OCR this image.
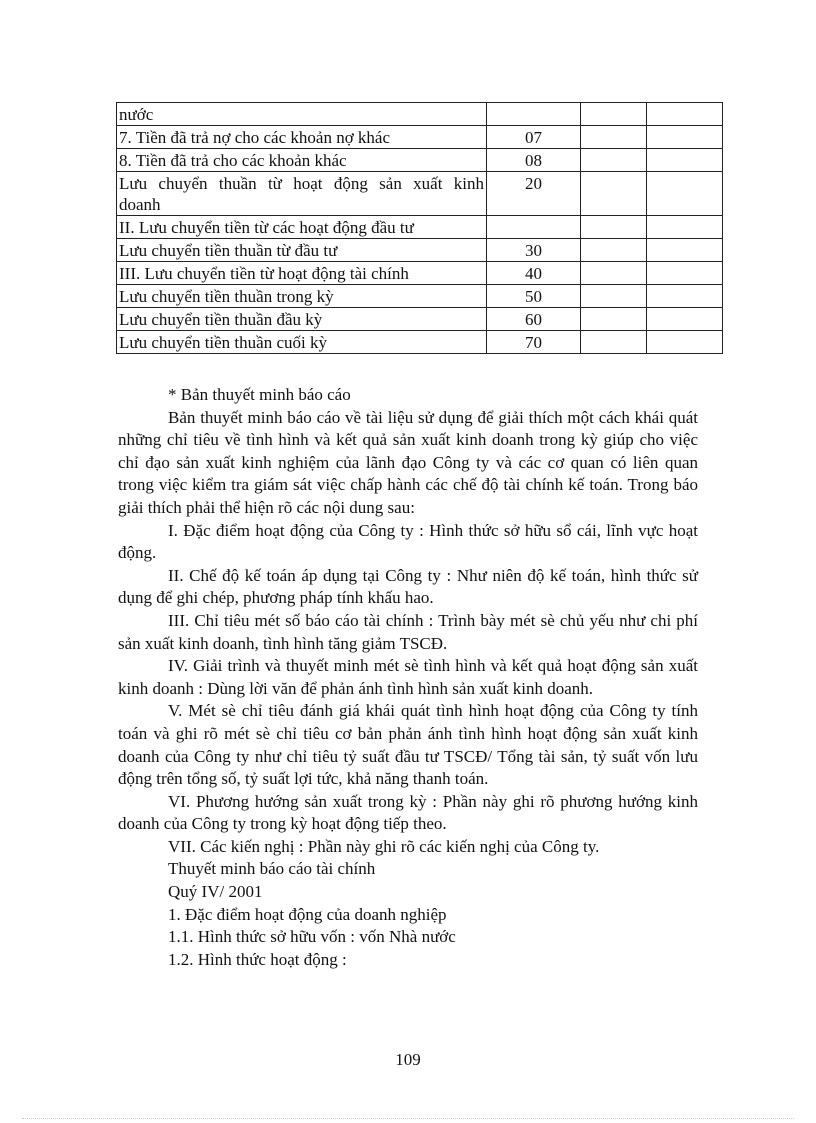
nước			
7. Tiền đã trả nợ cho các khoản nợ khác	07		
8. Tiền đã trả cho các khoản khác	08		

Lưu chuyển thuần từ hoạt động sản xuất kinh
doanh	20		
II. Lưu chuyển tiền từ các hoạt động đầu tư			
Lưu chuyển tiền thuần từ đầu tư	30		
III. Lưu chuyển tiền từ hoạt động tài chính	40		
Lưu chuyển tiền thuần trong kỳ	50		
Lưu chuyển tiền thuần đầu kỳ	60		
Lưu chuyển tiền thuần cuối kỳ	70		

* Bản thuyết minh báo cáo

Bản thuyết minh báo cáo về tài liệu sử dụng để giải thích một cách khái quát những chỉ tiêu về tình hình và kết quả sản xuất kinh doanh trong kỳ giúp cho việc chỉ đạo sản xuất kinh nghiệm của lãnh đạo Công ty và các cơ quan có liên quan trong việc kiểm tra giám sát việc chấp hành các chế độ tài chính kế toán. Trong báo giải thích phải thể hiện rõ các nội dung sau:

I. Đặc điểm hoạt động của Công ty : Hình thức sở hữu sổ cái, lĩnh vực hoạt động.

II. Chế độ kế toán áp dụng tại Công ty : Như niên độ kế toán, hình thức sử dụng để ghi chép, phương pháp tính khấu hao.

III. Chỉ tiêu mét số báo cáo tài chính : Trình bày mét sè chủ yếu như chi phí sản xuất kinh doanh, tình hình tăng giảm TSCĐ.

IV. Giải trình và thuyết minh mét sè tình hình và kết quả hoạt động sản xuất kinh doanh : Dùng lời văn để phản ánh tình hình sản xuất kinh doanh.

V. Mét sè chỉ tiêu đánh giá khái quát tình hình hoạt động của Công ty tính toán và ghi rõ mét sè chỉ tiêu cơ bản phản ánh tình hình hoạt động sản xuất kinh doanh của Công ty như chỉ tiêu tỷ suất đầu tư TSCĐ/ Tổng tài sản, tỷ suất vốn lưu động trên tổng số, tỷ suất lợi tức, khả năng thanh toán.

VI. Phương hướng sản xuất trong kỳ : Phần này ghi rõ phương hướng kinh doanh của Công ty trong kỳ hoạt động tiếp theo.

VII. Các kiến nghị : Phần này ghi rõ các kiến nghị của Công ty.

Thuyết minh báo cáo tài chính

Quý IV/ 2001

1. Đặc điểm hoạt động của doanh nghiệp

1.1. Hình thức sở hữu vốn : vốn Nhà nước

1.2. Hình thức hoạt động :

109
